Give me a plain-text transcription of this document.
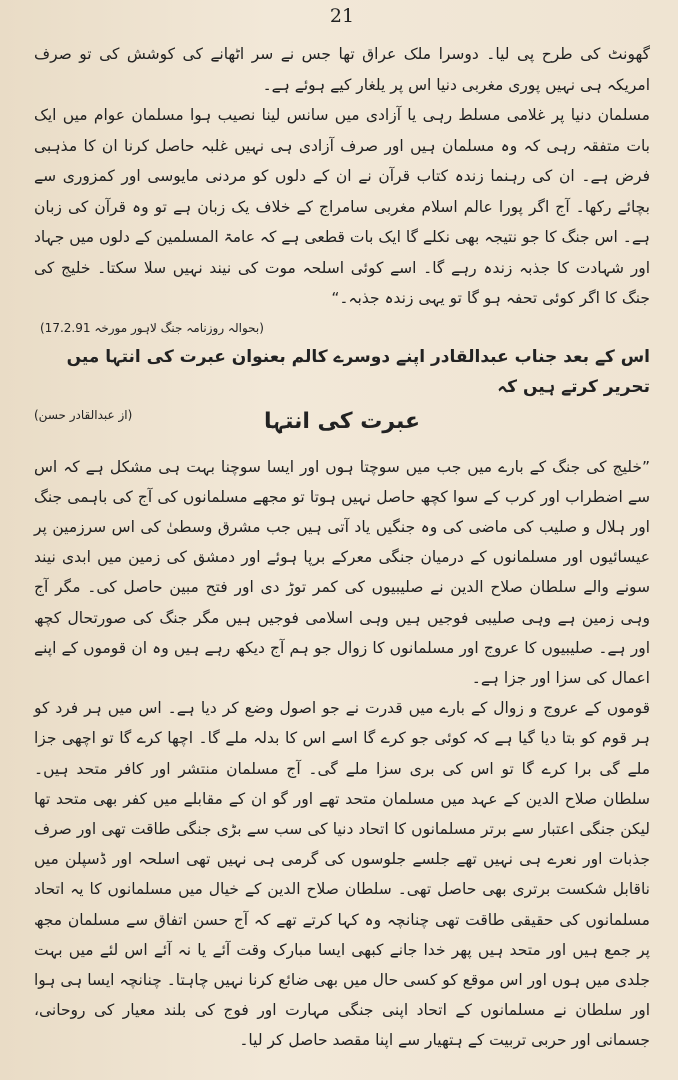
21

گھونٹ کی طرح پی لیا۔ دوسرا ملک عراق تھا جس نے سر اٹھانے کی کوشش کی تو صرف امریکہ ہی نہیں پوری مغربی دنیا اس پر یلغار کیے ہوئے ہے۔

مسلمان دنیا پر غلامی مسلط رہی یا آزادی میں سانس لینا نصیب ہوا مسلمان عوام میں ایک بات متفقہ رہی کہ وہ مسلمان ہیں اور صرف آزادی ہی نہیں غلبہ حاصل کرنا ان کا مذہبی فرض ہے۔ ان کی رہنما زندہ کتاب قرآن نے ان کے دلوں کو مردنی مایوسی اور کمزوری سے بچائے رکھا۔ آج اگر پورا عالم اسلام مغربی سامراج کے خلاف یک زبان ہے تو وہ قرآن کی زبان ہے۔ اس جنگ کا جو نتیجہ بھی نکلے گا ایک بات قطعی ہے کہ عامۃ المسلمین کے دلوں میں جہاد اور شہادت کا جذبہ زندہ رہے گا۔ اسے کوئی اسلحہ موت کی نیند نہیں سلا سکتا۔ خلیج کی جنگ کا اگر کوئی تحفہ ہو گا تو یہی زندہ جذبہ۔“

(17.2.91 بحوالہ روزنامہ جنگ لاہور مورخہ)
اس کے بعد جناب عبدالقادر اپنے دوسرے کالم بعنوان عبرت کی انتہا میں تحریر کرتے ہیں کہ
عبرت کی انتہا
(از عبدالقادر حسن)

”خلیج کی جنگ کے بارے میں جب میں سوچتا ہوں اور ایسا سوچنا بہت ہی مشکل ہے کہ اس سے اضطراب اور کرب کے سوا کچھ حاصل نہیں ہوتا تو مجھے مسلمانوں کی آج کی باہمی جنگ اور ہلال و صلیب کی ماضی کی وہ جنگیں یاد آتی ہیں جب مشرق وسطیٰ کی اس سرزمین پر عیسائیوں اور مسلمانوں کے درمیان جنگی معرکے برپا ہوئے اور دمشق کی زمین میں ابدی نیند سونے والے سلطان صلاح الدین نے صلیبیوں کی کمر توڑ دی اور فتح مبین حاصل کی۔ مگر آج وہی زمین ہے وہی صلیبی فوجیں ہیں وہی اسلامی فوجیں ہیں مگر جنگ کی صورتحال کچھ اور ہے۔ صلیبیوں کا عروج اور مسلمانوں کا زوال جو ہم آج دیکھ رہے ہیں وہ ان قوموں کے اپنے اعمال کی سزا اور جزا ہے۔

قوموں کے عروج و زوال کے بارے میں قدرت نے جو اصول وضع کر دیا ہے۔ اس میں ہر فرد کو ہر قوم کو بتا دیا گیا ہے کہ کوئی جو کرے گا اسے اس کا بدلہ ملے گا۔ اچھا کرے گا تو اچھی جزا ملے گی برا کرے گا تو اس کی بری سزا ملے گی۔ آج مسلمان منتشر اور کافر متحد ہیں۔ سلطان صلاح الدین کے عہد میں مسلمان متحد تھے اور گو ان کے مقابلے میں کفر بھی متحد تھا لیکن جنگی اعتبار سے برتر مسلمانوں کا اتحاد دنیا کی سب سے بڑی جنگی طاقت تھی اور صرف جذبات اور نعرے ہی نہیں تھے جلسے جلوسوں کی گرمی ہی نہیں تھی اسلحہ اور ڈسپلن میں ناقابل شکست برتری بھی حاصل تھی۔ سلطان صلاح الدین کے خیال میں مسلمانوں کا یہ اتحاد مسلمانوں کی حقیقی طاقت تھی چنانچہ وہ کہا کرتے تھے کہ آج حسن اتفاق سے مسلمان مجھ پر جمع ہیں اور متحد ہیں پھر خدا جانے کبھی ایسا مبارک وقت آئے یا نہ آئے اس لئے میں بہت جلدی میں ہوں اور اس موقع کو کسی حال میں بھی ضائع کرنا نہیں چاہتا۔ چنانچہ ایسا ہی ہوا اور سلطان نے مسلمانوں کے اتحاد اپنی جنگی مہارت اور فوج کی بلند معیار کی روحانی، جسمانی اور حربی تربیت کے ہتھیار سے اپنا مقصد حاصل کر لیا۔
